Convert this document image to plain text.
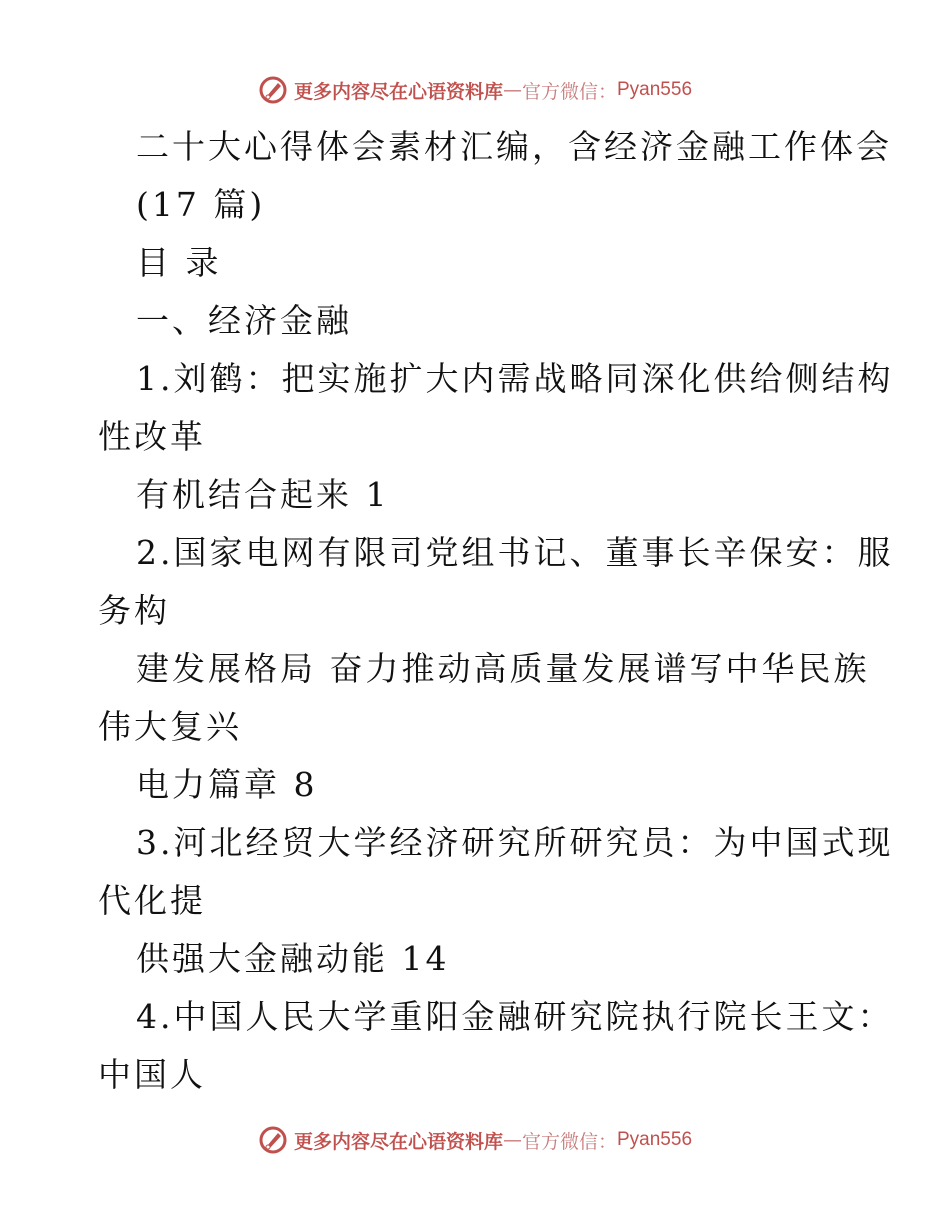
更多内容尽在心语资料库 — 官方微信： Pyan556
二十大心得体会素材汇编，含经济金融工作体会
(17 篇)
目 录
一、经济金融
1.刘鹤：把实施扩大内需战略同深化供给侧结构
性改革
有机结合起来 1
2.国家电网有限司党组书记、董事长辛保安：服
务构
建发展格局 奋力推动高质量发展谱写中华民族
伟大复兴
电力篇章 8
3.河北经贸大学经济研究所研究员：为中国式现
代化提
供强大金融动能 14
4.中国人民大学重阳金融研究院执行院长王文：
中国人
更多内容尽在心语资料库 — 官方微信： Pyan556
